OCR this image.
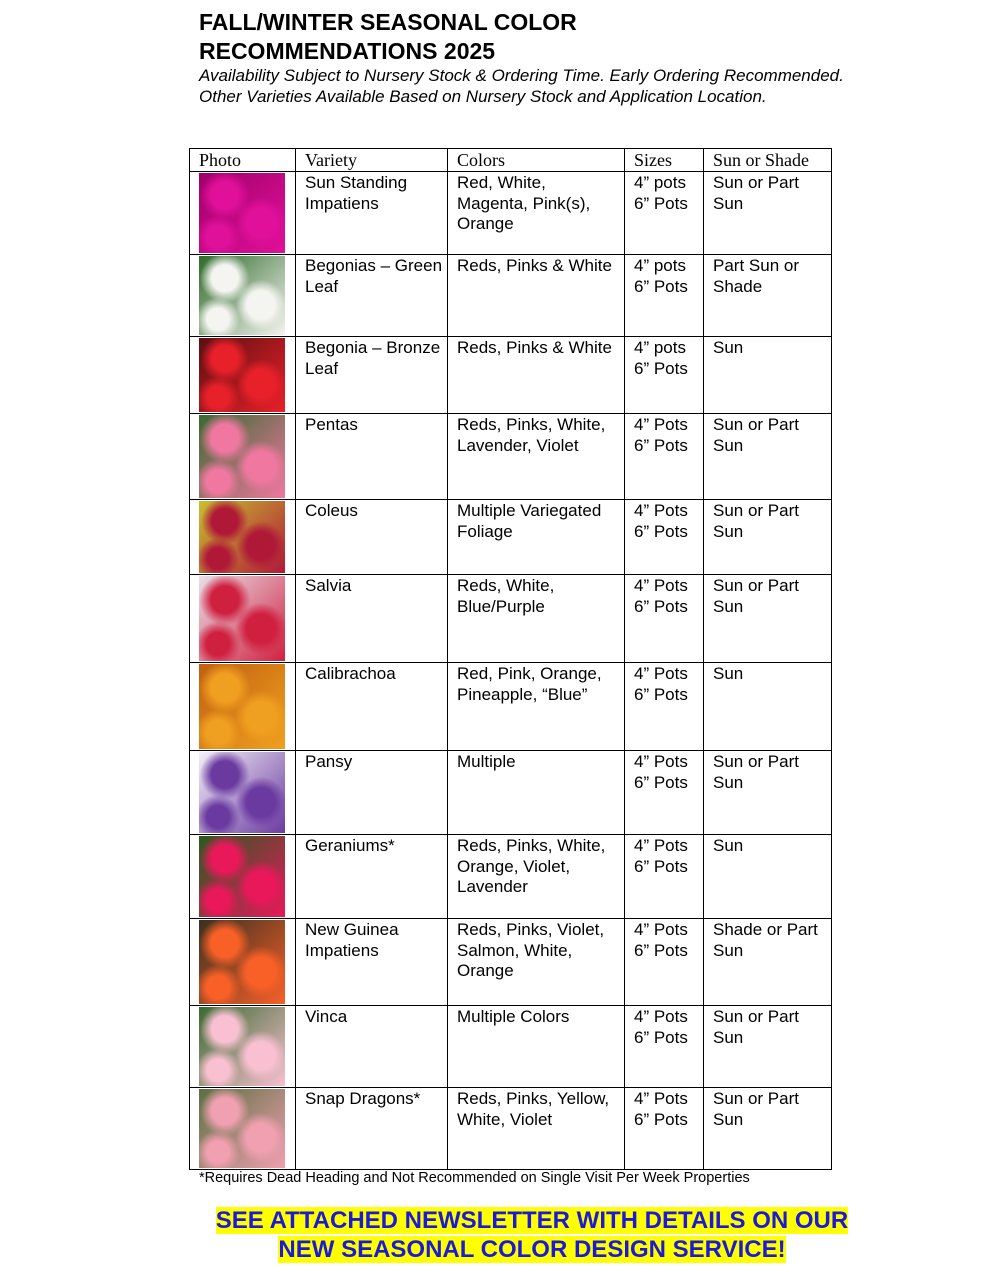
FALL/WINTER SEASONAL COLOR
RECOMMENDATIONS 2025
Availability Subject to Nursery Stock & Ordering Time. Early Ordering Recommended. Other Varieties Available Based on Nursery Stock and Application Location.
Photo	Variety	Colors	Sizes	Sun or Shade

	Sun Standing Impatiens	Red, White, Magenta, Pink(s), Orange	4” pots
6” Pots	Sun or Part Sun

	Begonias – Green Leaf	Reds, Pinks & White	4” pots
6” Pots	Part Sun or Shade

	Begonia – Bronze Leaf	Reds, Pinks & White	4” pots
6” Pots	Sun

	Pentas	Reds, Pinks, White, Lavender, Violet	4” Pots
6” Pots	Sun or Part Sun

	Coleus	Multiple Variegated Foliage	4” Pots
6” Pots	Sun or Part Sun

	Salvia	Reds, White, Blue/Purple	4” Pots
6” Pots	Sun or Part Sun

	Calibrachoa	Red, Pink, Orange, Pineapple, “Blue”	4” Pots
6” Pots	Sun

	Pansy	Multiple	4” Pots
6” Pots	Sun or Part Sun

	Geraniums*	Reds, Pinks, White, Orange, Violet, Lavender	4” Pots
6” Pots	Sun

	New Guinea Impatiens	Reds, Pinks, Violet, Salmon, White, Orange	4” Pots
6” Pots	Shade or Part Sun

	Vinca	Multiple Colors	4” Pots
6” Pots	Sun or Part Sun

	Snap Dragons*	Reds, Pinks, Yellow, White, Violet	4” Pots
6” Pots	Sun or Part Sun
*Requires Dead Heading and Not Recommended on Single Visit Per Week Properties
SEE ATTACHED NEWSLETTER WITH DETAILS ON OUR
NEW SEASONAL COLOR DESIGN SERVICE!
